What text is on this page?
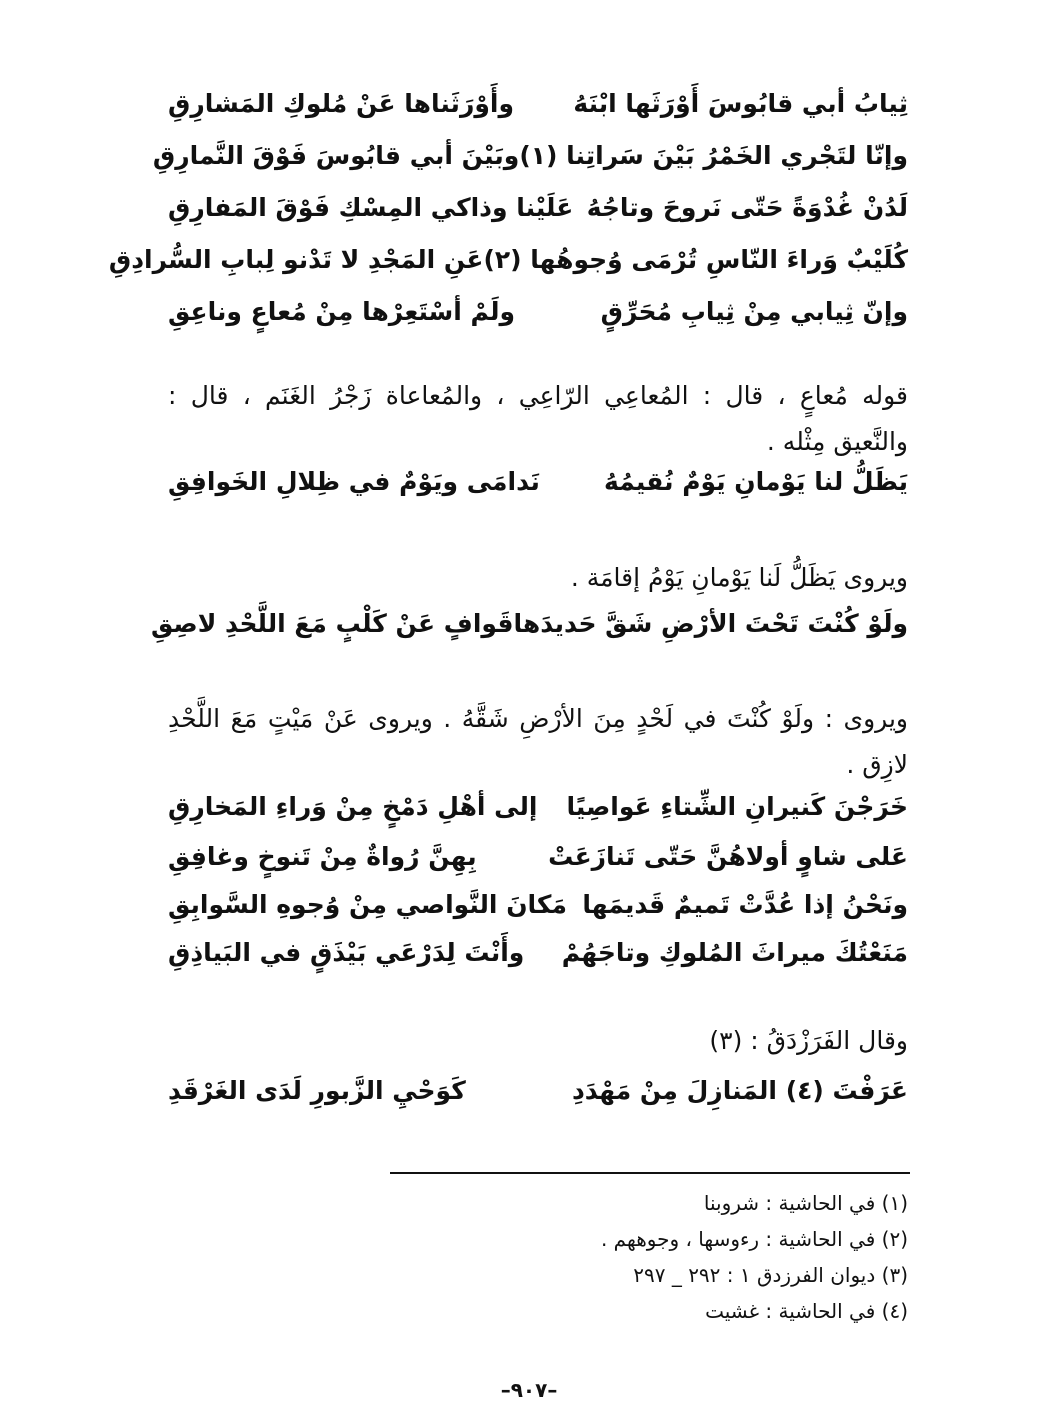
ثِيابُ أبي قابُوسَ أَوْرَثَها ابْنَهُ
وأَوْرَثَناها عَنْ مُلوكِ المَشارِقِ
وإنّا لتَجْري الخَمْرُ بَيْنَ سَراتِنا (١)
وبَيْنَ أبي قابُوسَ فَوْقَ النَّمارِقِ
لَدُنْ غُدْوَةً حَتّى نَروحَ وتاجُهُ
عَلَيْنا وذاكي المِسْكِ فَوْقَ المَفارِقِ
كُلَيْبٌ وَراءَ النّاسِ تُرْمَى وُجوهُها (٢)
عَنِ المَجْدِ لا تَدْنو لِبابِ السُّرادِقِ
وإنّ ثِيابي مِنْ ثِيابِ مُحَرِّقٍ
ولَمْ أسْتَعِرْها مِنْ مُعاعٍ وناعِقِ
قوله مُعاعٍ ، قال : المُعاعِي الرّاعِي ، والمُعاعاة زَجْرُ الغَنَم ، قال : والنَّعيق مِثْله .
يَظَلُّ لنا يَوْمانِ يَوْمٌ نُقيمُهُ
نَدامَى ويَوْمٌ في ظِلالِ الخَوافِقِ
ويروى يَظَلُّ لَنا يَوْمانِ يَوْمُ إقامَة .
ولَوْ كُنْتَ تَحْتَ الأرْضِ شَقَّ حَديدَها
قَوافٍ عَنْ كَلْبٍ مَعَ اللَّحْدِ لاصِقِ
ويروى : ولَوْ كُنْتَ في لَحْدٍ مِنَ الأرْضِ شَقَّهُ . ويروى عَنْ مَيْتٍ مَعَ اللَّحْدِ لازِق .
خَرَجْنَ كَنيرانِ الشِّتاءِ عَواصِيًا
إلى أهْلِ دَمْخٍ مِنْ وَراءِ المَخارِقِ
عَلى شاوٍ أولاهُنَّ حَتّى تَنازَعَتْ
بِهِنَّ رُواةٌ مِنْ تَنوخٍ وغافِقِ
ونَحْنُ إذا عُدَّتْ تَميمٌ قَديمَها
مَكانَ النَّواصي مِنْ وُجوهِ السَّوابِقِ
مَنَعْتُكَ ميراثَ المُلوكِ وتاجَهُمْ
وأَنْتَ لِدَرْعَي بَيْذَقٍ في البَياذِقِ
وقال الفَرَزْدَقُ : (٣)
عَرَفْتَ (٤) المَنازِلَ مِنْ مَهْدَدِ
كَوَحْيِ الزَّبورِ لَدَى الغَرْقَدِ
(١) في الحاشية : شروبنا
(٢) في الحاشية : رءوسها ، وجوههم .
(٣) ديوان الفرزدق ١ : ٢٩٢ _ ٢٩٧
(٤) في الحاشية : غشيت
–٩٠٧–
